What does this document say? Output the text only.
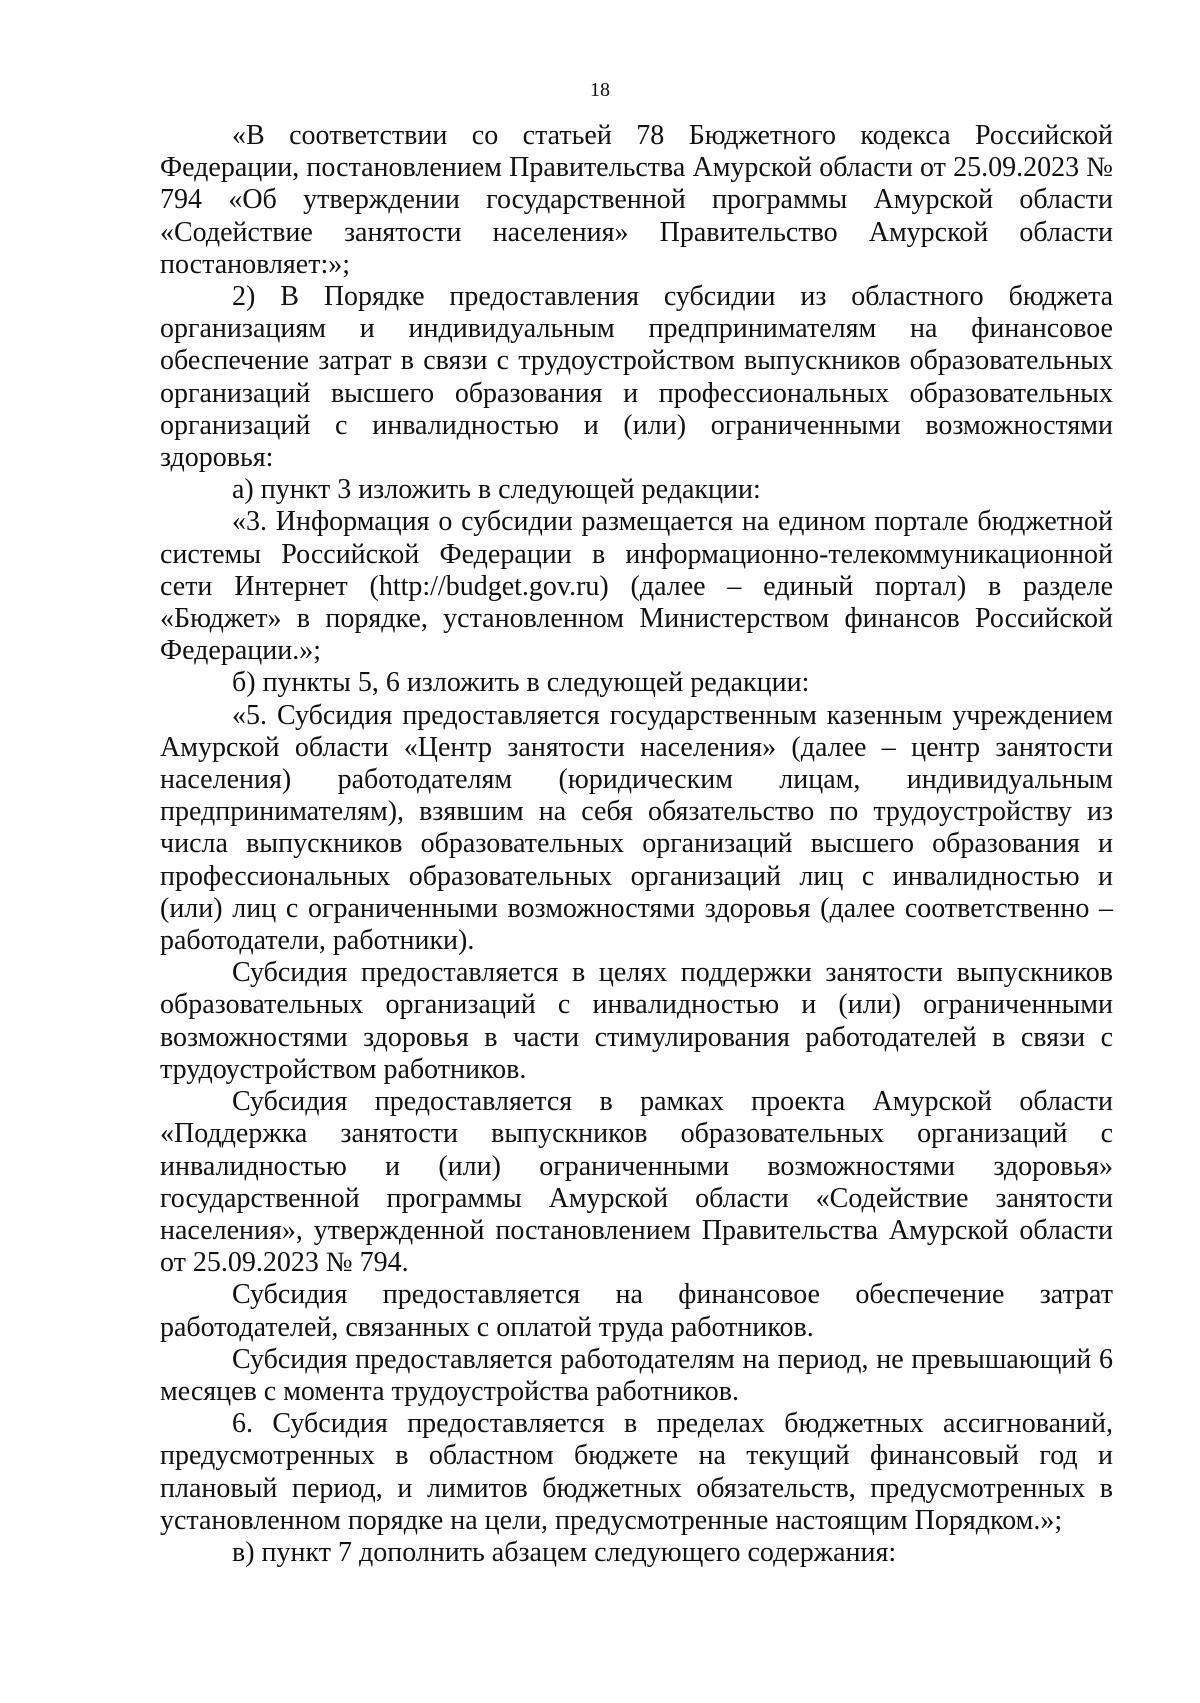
18

«В соответствии со статьей 78 Бюджетного кодекса Российской Федерации, постановлением Правительства Амурской области от 25.09.2023 № 794 «Об утверждении государственной программы Амурской области «Содействие занятости населения» Правительство Амурской области постановляет:»;

2) В Порядке предоставления субсидии из областного бюджета организациям и индивидуальным предпринимателям на финансовое обеспечение затрат в связи с трудоустройством выпускников образовательных организаций высшего образования и профессиональных образовательных организаций с инвалидностью и (или) ограниченными возможностями здоровья:

а) пункт 3 изложить в следующей редакции:

«3. Информация о субсидии размещается на едином портале бюджетной системы Российской Федерации в информационно-телекоммуникационной сети Интернет (http://budget.gov.ru) (далее – единый портал) в разделе «Бюджет» в порядке, установленном Министерством финансов Российской Федерации.»;

б) пункты 5, 6 изложить в следующей редакции:

«5. Субсидия предоставляется государственным казенным учреждением Амурской области «Центр занятости населения» (далее – центр занятости населения) работодателям (юридическим лицам, индивидуальным предпринимателям), взявшим на себя обязательство по трудоустройству из числа выпускников образовательных организаций высшего образования и профессиональных образовательных организаций лиц с инвалидностью и (или) лиц с ограниченными возможностями здоровья (далее соответственно – работодатели, работники).

Субсидия предоставляется в целях поддержки занятости выпускников образовательных организаций с инвалидностью и (или) ограниченными возможностями здоровья в части стимулирования работодателей в связи с трудоустройством работников.

Субсидия предоставляется в рамках проекта Амурской области «Поддержка занятости выпускников образовательных организаций с инвалидностью и (или) ограниченными возможностями здоровья» государственной программы Амурской области «Содействие занятости населения», утвержденной постановлением Правительства Амурской области от 25.09.2023 № 794.

Субсидия предоставляется на финансовое обеспечение затрат работодателей, связанных с оплатой труда работников.

Субсидия предоставляется работодателям на период, не превышающий 6 месяцев с момента трудоустройства работников.

6. Субсидия предоставляется в пределах бюджетных ассигнований, предусмотренных в областном бюджете на текущий финансовый год и плановый период, и лимитов бюджетных обязательств, предусмотренных в установленном порядке на цели, предусмотренные настоящим Порядком.»;

в) пункт 7 дополнить абзацем следующего содержания:
